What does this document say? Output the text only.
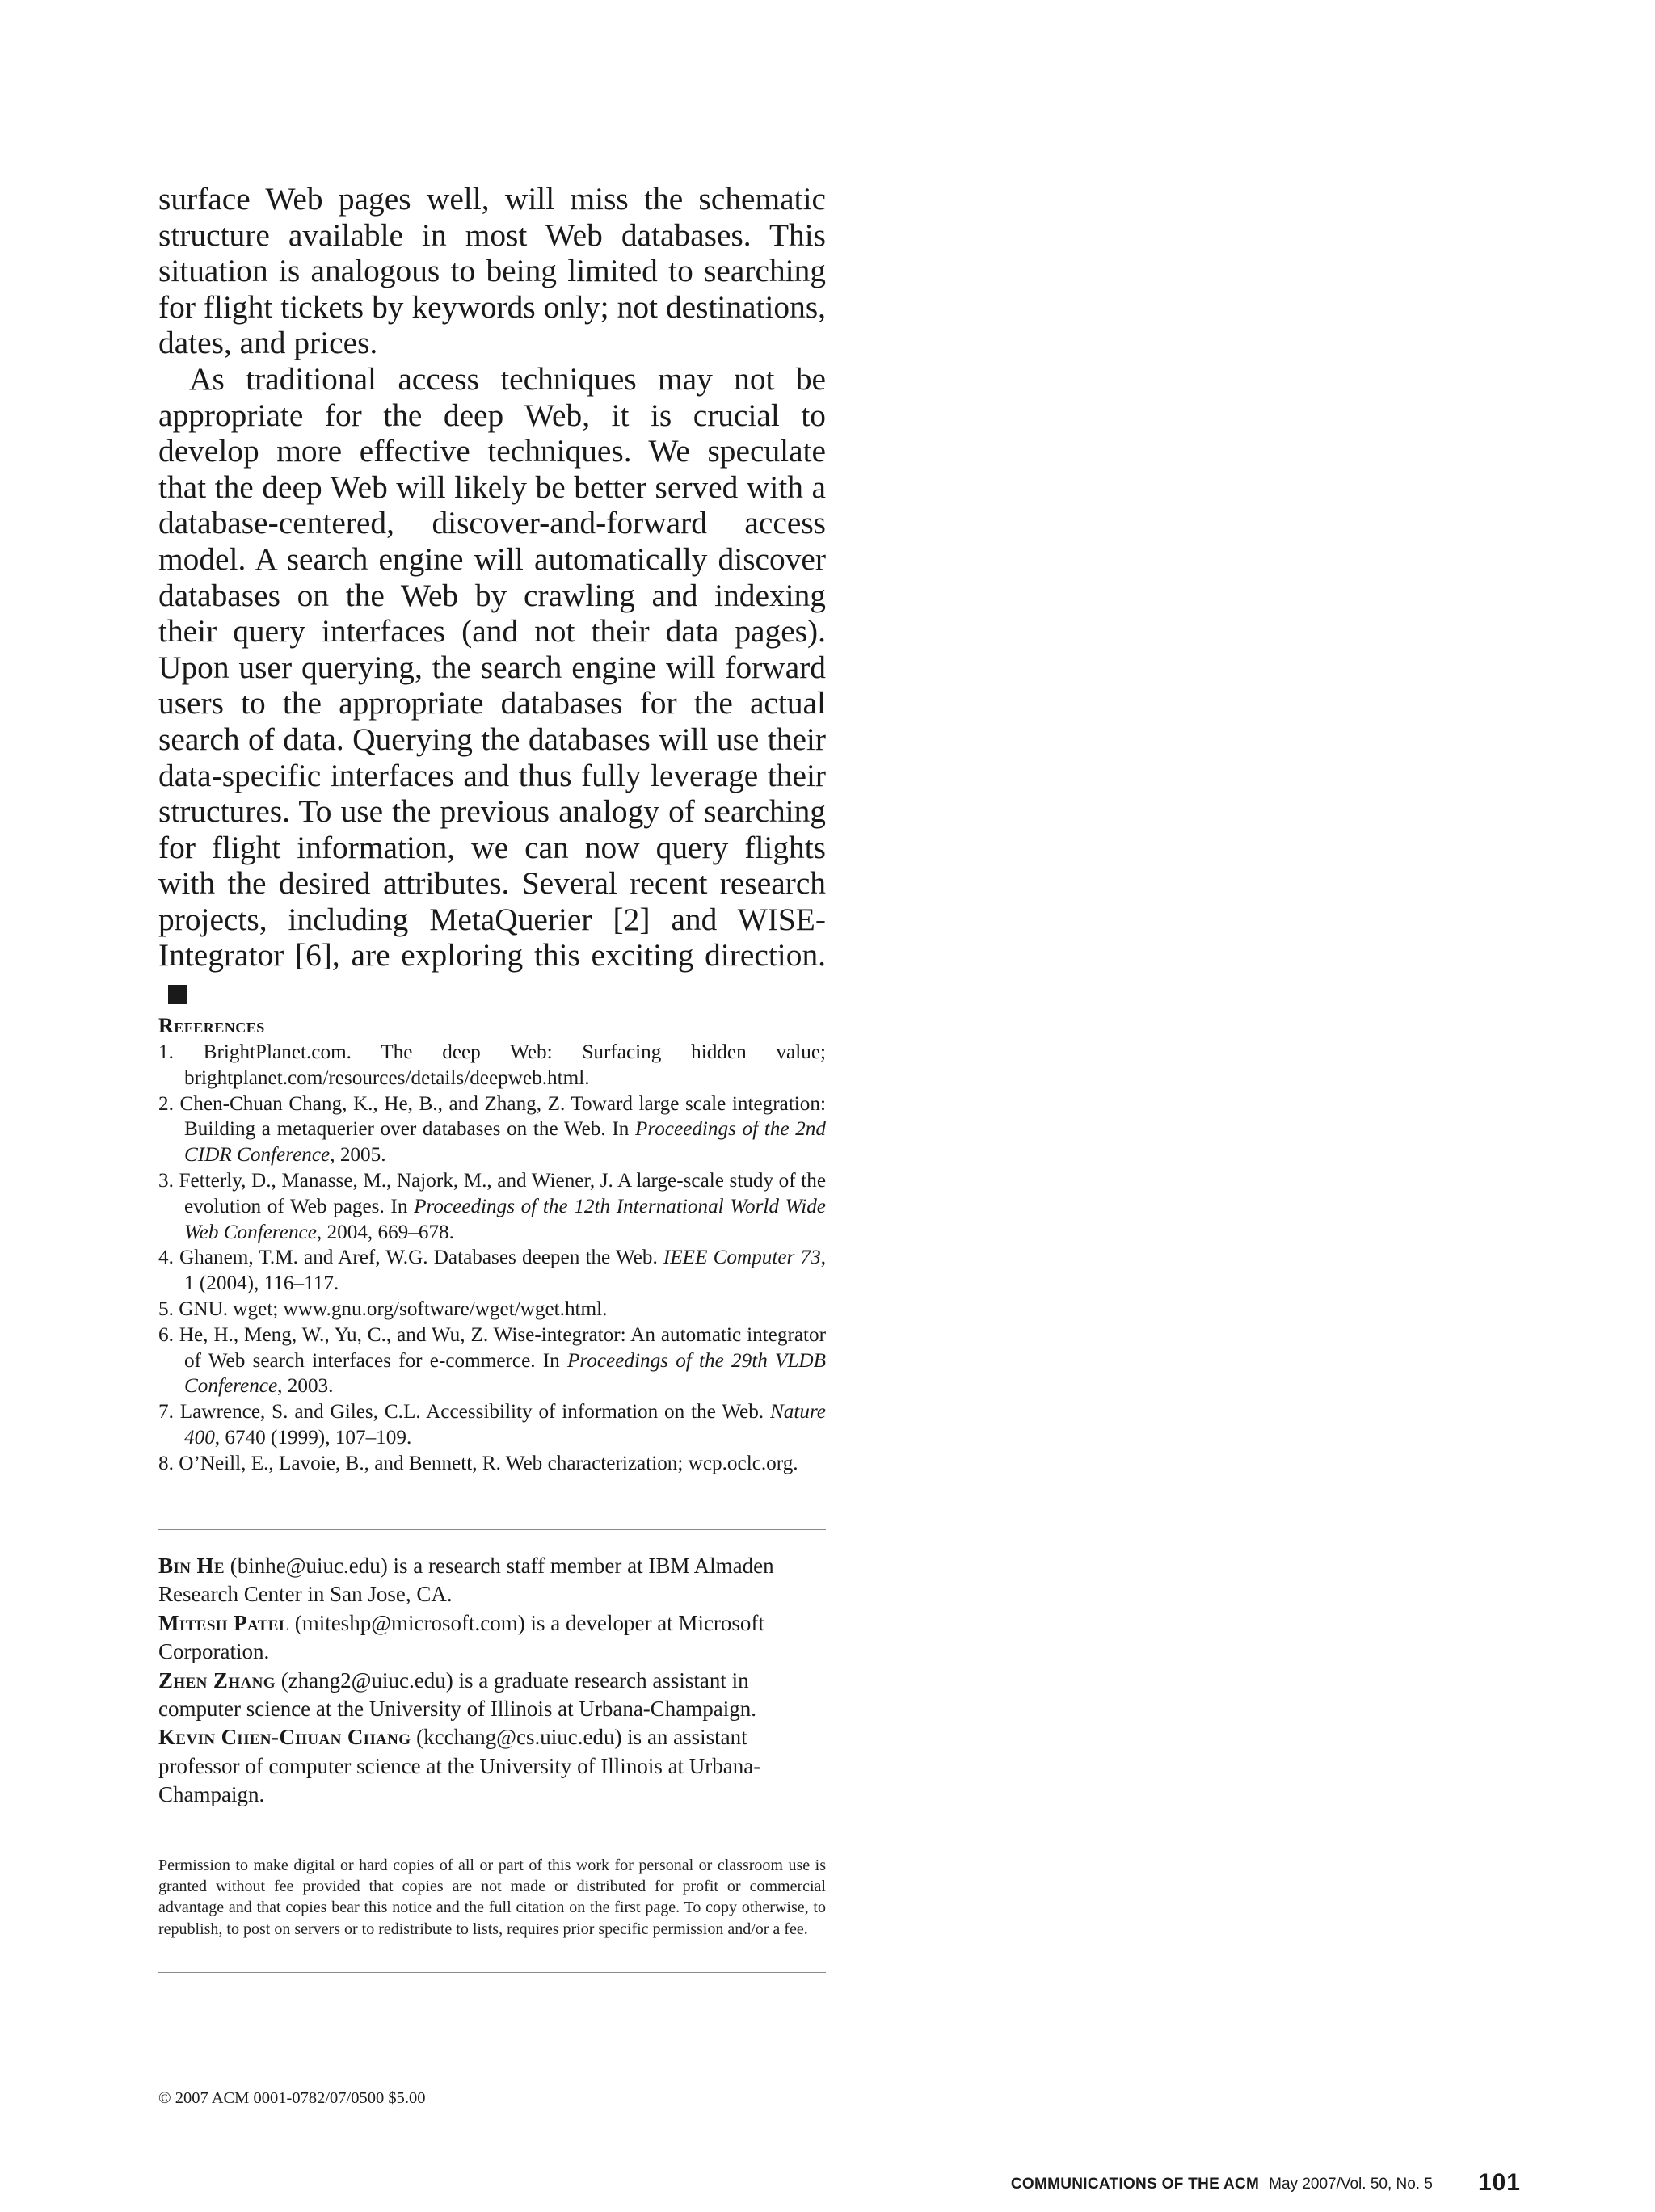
surface Web pages well, will miss the schematic structure available in most Web databases. This situation is analogous to being limited to searching for flight tickets by keywords only; not destinations, dates, and prices.

As traditional access techniques may not be appropriate for the deep Web, it is crucial to develop more effective techniques. We speculate that the deep Web will likely be better served with a database-centered, discover-and-forward access model. A search engine will automatically discover databases on the Web by crawling and indexing their query interfaces (and not their data pages). Upon user querying, the search engine will forward users to the appropriate databases for the actual search of data. Querying the databases will use their data-specific interfaces and thus fully leverage their structures. To use the previous analogy of searching for flight information, we can now query flights with the desired attributes. Several recent research projects, including MetaQuerier [2] and WISE-Integrator [6], are exploring this exciting direction.C

References
1. BrightPlanet.com. The deep Web: Surfacing hidden value; brightplanet.com/resources/details/deepweb.html.
2. Chen-Chuan Chang, K., He, B., and Zhang, Z. Toward large scale integration: Building a metaquerier over databases on the Web. In Proceedings of the 2nd CIDR Conference, 2005.
3. Fetterly, D., Manasse, M., Najork, M., and Wiener, J. A large-scale study of the evolution of Web pages. In Proceedings of the 12th International World Wide Web Conference, 2004, 669–678.
4. Ghanem, T.M. and Aref, W.G. Databases deepen the Web. IEEE Computer 73, 1 (2004), 116–117.
5. GNU. wget; www.gnu.org/software/wget/wget.html.
6. He, H., Meng, W., Yu, C., and Wu, Z. Wise-integrator: An automatic integrator of Web search interfaces for e-commerce. In Proceedings of the 29th VLDB Conference, 2003.
7. Lawrence, S. and Giles, C.L. Accessibility of information on the Web. Nature 400, 6740 (1999), 107–109.
8. O’Neill, E., Lavoie, B., and Bennett, R. Web characterization; wcp.oclc.org.

Bin He (binhe@uiuc.edu) is a research staff member at IBM Almaden Research Center in San Jose, CA.

Mitesh Patel (miteshp@microsoft.com) is a developer at Microsoft Corporation.

Zhen Zhang (zhang2@uiuc.edu) is a graduate research assistant in computer science at the University of Illinois at Urbana-Champaign.

Kevin Chen-Chuan Chang (kcchang@cs.uiuc.edu) is an assistant professor of computer science at the University of Illinois at Urbana-Champaign.

Permission to make digital or hard copies of all or part of this work for personal or classroom use is granted without fee provided that copies are not made or distributed for profit or commercial advantage and that copies bear this notice and the full citation on the first page. To copy otherwise, to republish, to post on servers or to redistribute to lists, requires prior specific permission and/or a fee.
© 2007 ACM 0001-0782/07/0500 $5.00
COMMUNICATIONS OF THE ACM May 2007/Vol. 50, No. 5 101
